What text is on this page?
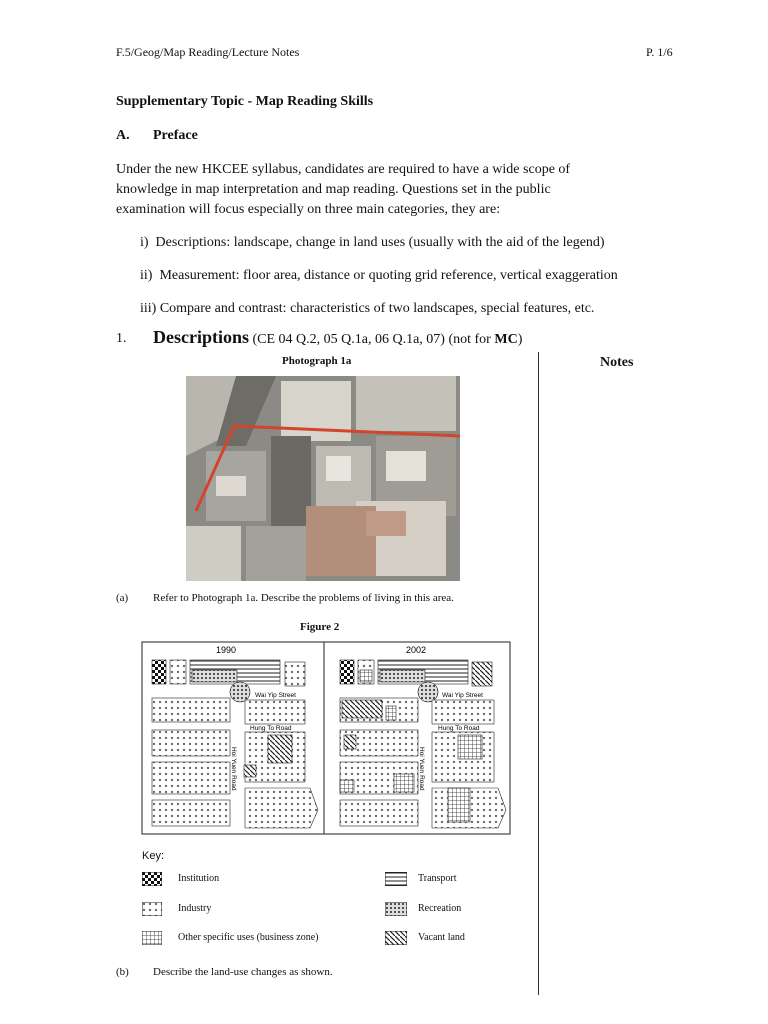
F.5/Geog/Map Reading/Lecture Notes	P. 1/6
Supplementary Topic - Map Reading Skills
A. Preface
Under the new HKCEE syllabus, candidates are required to have a wide scope of
knowledge in map interpretation and map reading. Questions set in the public
examination will focus especially on three main categories, they are:
i)  Descriptions: landscape, change in land uses (usually with the aid of the legend)
ii)  Measurement: floor area, distance or quoting grid reference, vertical exaggeration
iii) Compare and contrast: characteristics of two landscapes, special features, etc.
1. Descriptions (CE 04 Q.2, 05 Q.1a, 06 Q.1a, 07) (not for MC)
Notes
Photograph 1a
(a) Refer to Photograph 1a. Describe the problems of living in this area.
Figure 2
1990	2002
Wai Yip Street
Hung To Road
Hoi Yuen Road
Wai Yip Street
Hung To Road
Hoi Yuen Road
Key:
Institution
Industry
Other specific uses (business zone)
Transport
Recreation
Vacant land
(b) Describe the land-use changes as shown.
